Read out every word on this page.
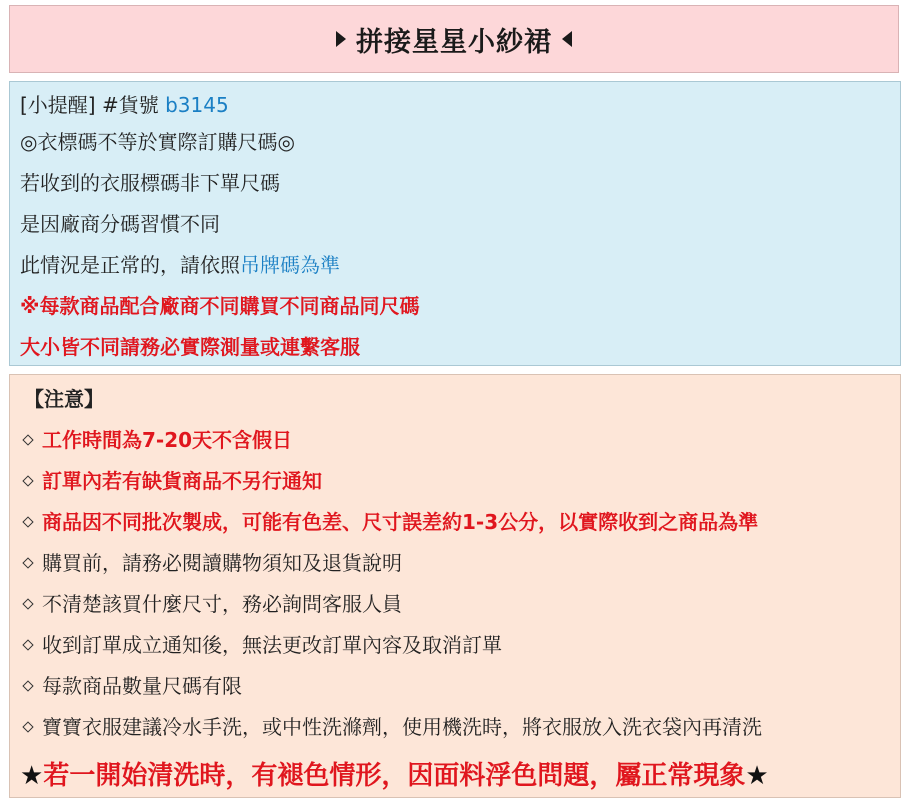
拼接星星小紗裙
[小提醒] #貨號 b3145
◎衣標碼不等於實際訂購尺碼◎
若收到的衣服標碼非下單尺碼
是因廠商分碼習慣不同
此情況是正常的，請依照吊牌碼為準
※每款商品配合廠商不同購買不同商品同尺碼
大小皆不同請務必實際測量或連繫客服
【注意】
工作時間為7-20天不含假日
訂單內若有缺貨商品不另行通知
商品因不同批次製成，可能有色差、尺寸誤差約1-3公分，以實際收到之商品為準
購買前，請務必閱讀購物須知及退貨說明
不清楚該買什麼尺寸，務必詢問客服人員
收到訂單成立通知後，無法更改訂單內容及取消訂單
每款商品數量尺碼有限
寶寶衣服建議冷水手洗，或中性洗滌劑，使用機洗時，將衣服放入洗衣袋內再清洗
★若一開始清洗時，有褪色情形，因面料浮色問題，屬正常現象★
